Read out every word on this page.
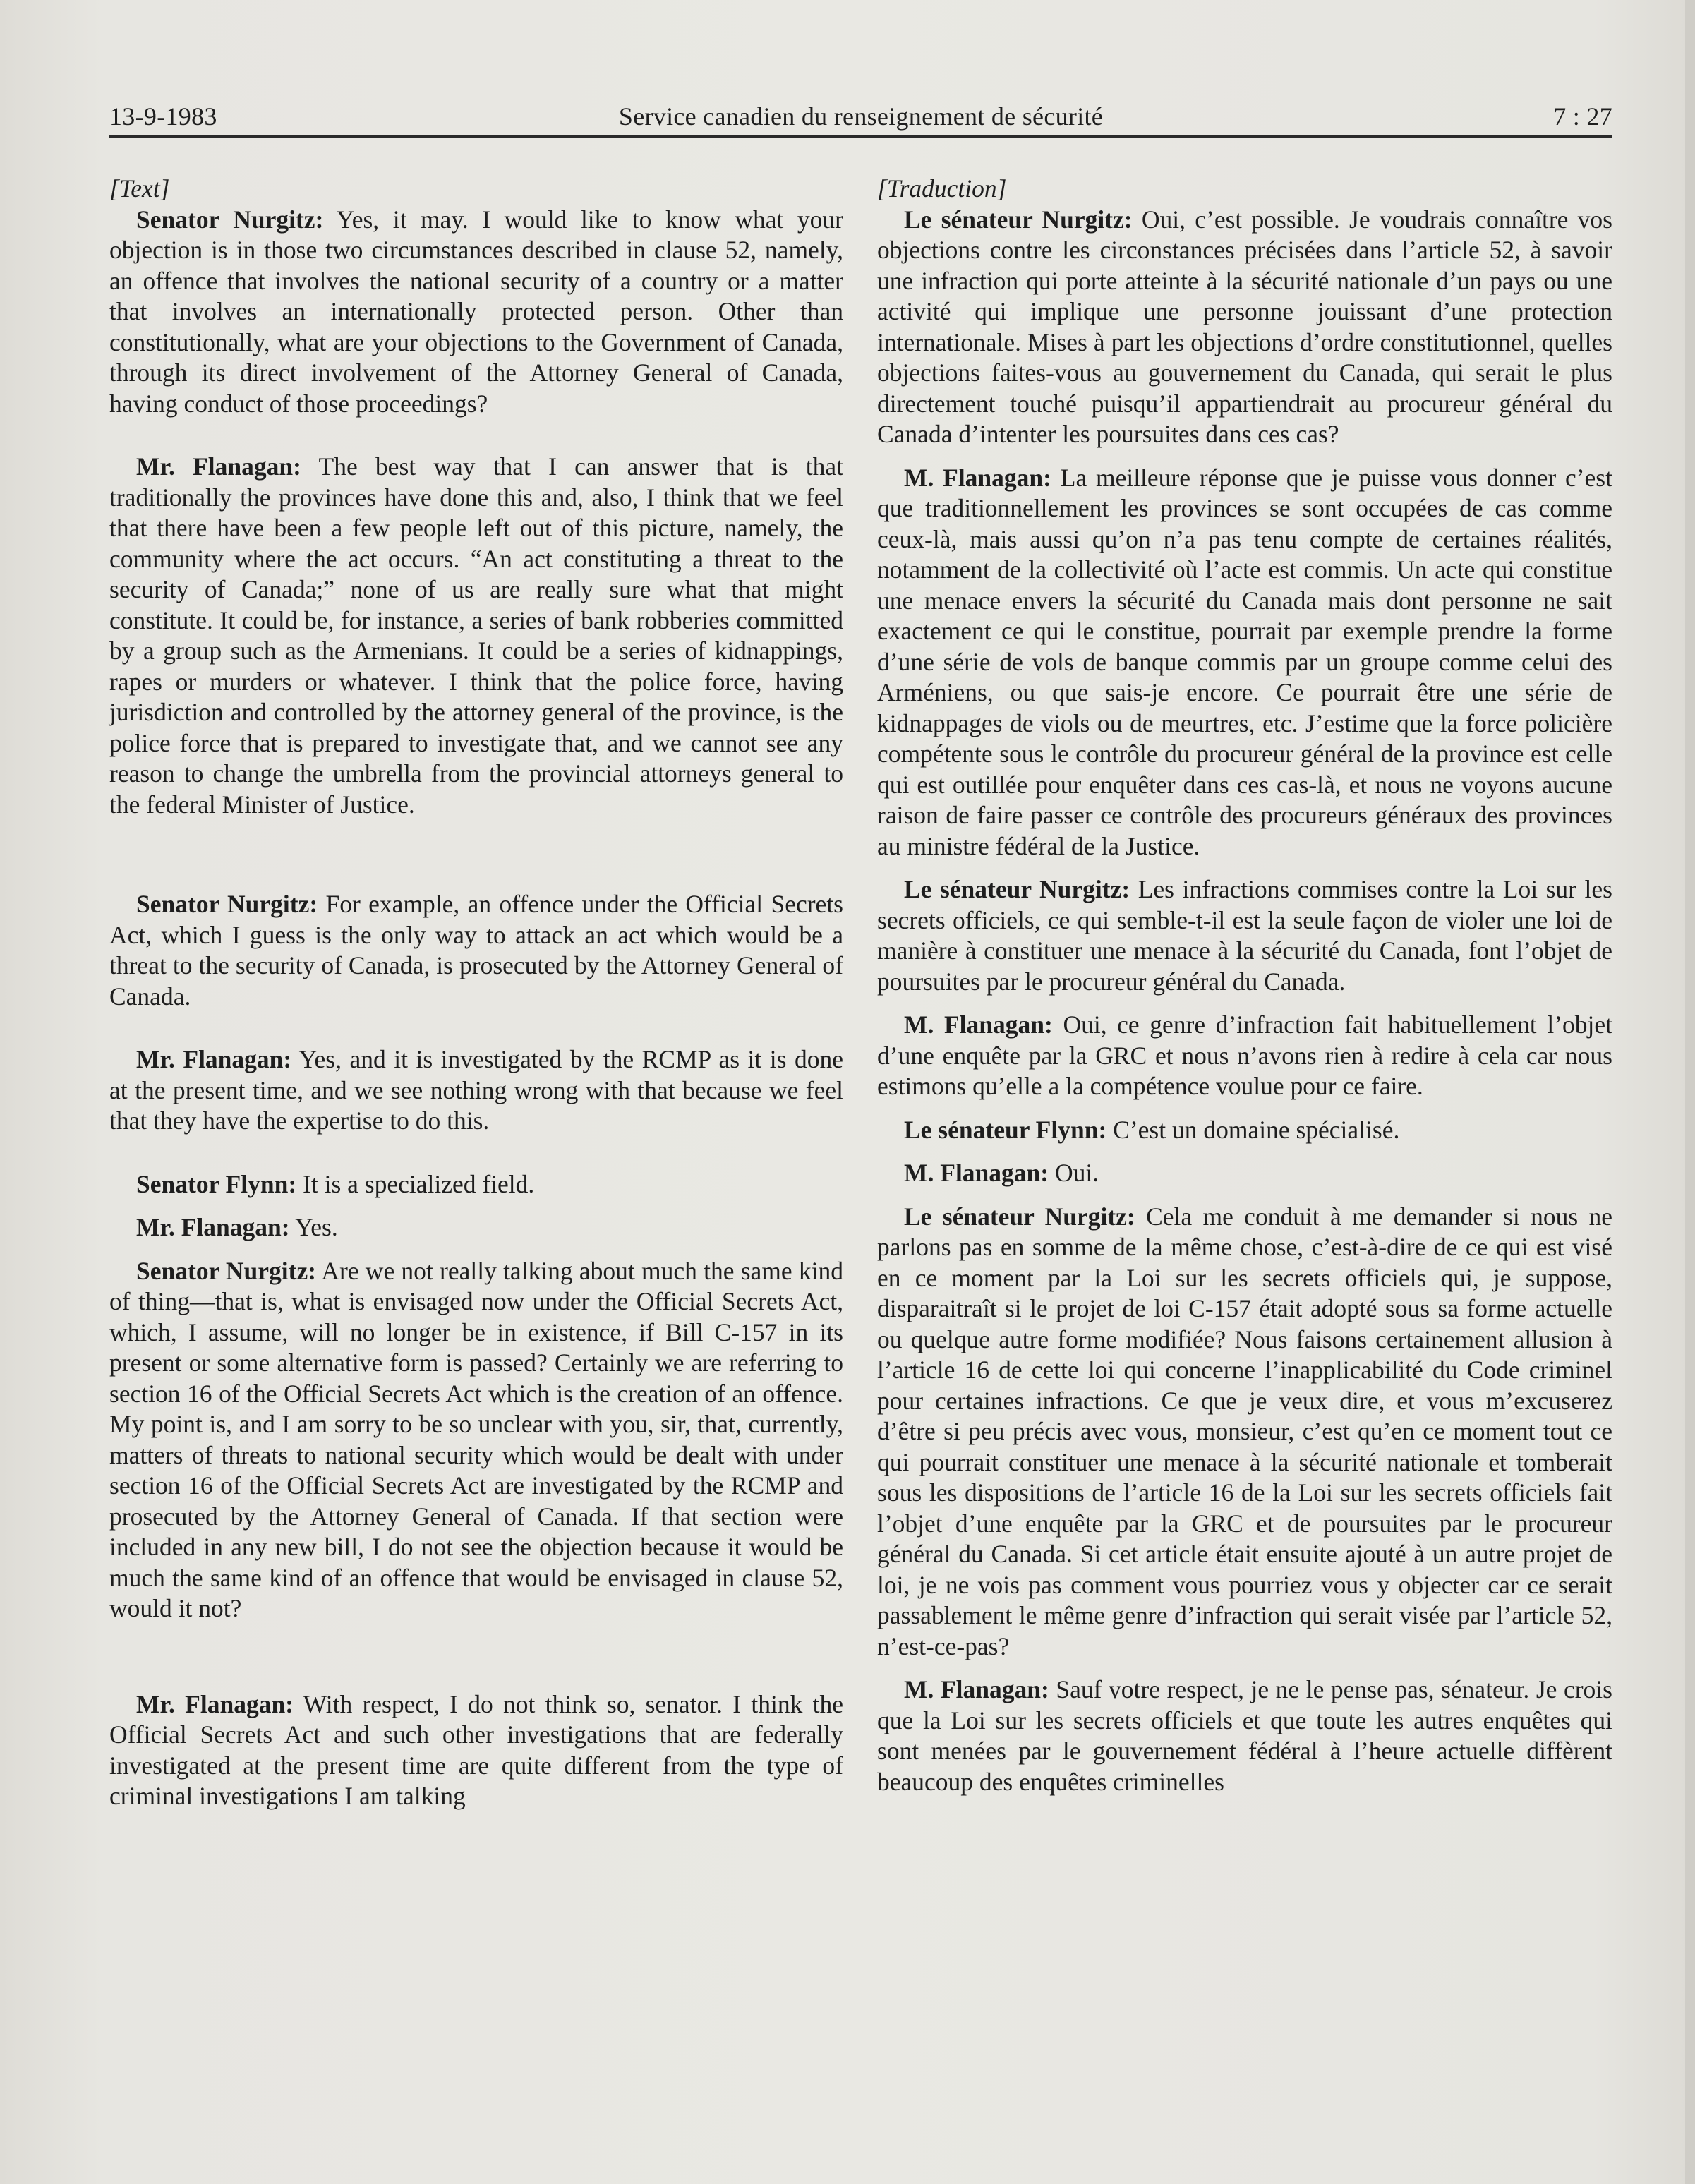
13-9-1983	Service canadien du renseignement de sécurité	7 : 27

[Text]

Senator Nurgitz: Yes, it may. I would like to know what your objection is in those two circumstances described in clause 52, namely, an offence that involves the national security of a country or a matter that involves an internationally protected person. Other than constitutionally, what are your objections to the Government of Canada, through its direct involvement of the Attorney General of Canada, having conduct of those proceedings?

Mr. Flanagan: The best way that I can answer that is that traditionally the provinces have done this and, also, I think that we feel that there have been a few people left out of this picture, namely, the community where the act occurs. “An act constituting a threat to the security of Canada;” none of us are really sure what that might constitute. It could be, for instance, a series of bank robberies committed by a group such as the Armenians. It could be a series of kidnappings, rapes or murders or whatever. I think that the police force, having jurisdiction and controlled by the attorney general of the province, is the police force that is prepared to investigate that, and we cannot see any reason to change the umbrella from the provincial attorneys general to the federal Minister of Justice.

Senator Nurgitz: For example, an offence under the Official Secrets Act, which I guess is the only way to attack an act which would be a threat to the security of Canada, is prosecuted by the Attorney General of Canada.

Mr. Flanagan: Yes, and it is investigated by the RCMP as it is done at the present time, and we see nothing wrong with that because we feel that they have the expertise to do this.

Senator Flynn: It is a specialized field.

Mr. Flanagan: Yes.

Senator Nurgitz: Are we not really talking about much the same kind of thing—that is, what is envisaged now under the Official Secrets Act, which, I assume, will no longer be in existence, if Bill C-157 in its present or some alternative form is passed? Certainly we are referring to section 16 of the Official Secrets Act which is the creation of an offence. My point is, and I am sorry to be so unclear with you, sir, that, currently, matters of threats to national security which would be dealt with under section 16 of the Official Secrets Act are investigated by the RCMP and prosecuted by the Attorney General of Canada. If that section were included in any new bill, I do not see the objection because it would be much the same kind of an offence that would be envisaged in clause 52, would it not?

Mr. Flanagan: With respect, I do not think so, senator. I think the Official Secrets Act and such other investigations that are federally investigated at the present time are quite different from the type of criminal investigations I am talking

[Traduction]

Le sénateur Nurgitz: Oui, c’est possible. Je voudrais connaître vos objections contre les circonstances précisées dans l’article 52, à savoir une infraction qui porte atteinte à la sécurité nationale d’un pays ou une activité qui implique une personne jouissant d’une protection internationale. Mises à part les objections d’ordre constitutionnel, quelles objections faites-vous au gouvernement du Canada, qui serait le plus directement touché puisqu’il appartiendrait au procureur général du Canada d’intenter les poursuites dans ces cas?

M. Flanagan: La meilleure réponse que je puisse vous donner c’est que traditionnellement les provinces se sont occupées de cas comme ceux-là, mais aussi qu’on n’a pas tenu compte de certaines réalités, notamment de la collectivité où l’acte est commis. Un acte qui constitue une menace envers la sécurité du Canada mais dont personne ne sait exactement ce qui le constitue, pourrait par exemple prendre la forme d’une série de vols de banque commis par un groupe comme celui des Arméniens, ou que sais-je encore. Ce pourrait être une série de kidnappages de viols ou de meurtres, etc. J’estime que la force policière compétente sous le contrôle du procureur général de la province est celle qui est outillée pour enquêter dans ces cas-là, et nous ne voyons aucune raison de faire passer ce contrôle des procureurs généraux des provinces au ministre fédéral de la Justice.

Le sénateur Nurgitz: Les infractions commises contre la Loi sur les secrets officiels, ce qui semble-t-il est la seule façon de violer une loi de manière à constituer une menace à la sécurité du Canada, font l’objet de poursuites par le procureur général du Canada.

M. Flanagan: Oui, ce genre d’infraction fait habituellement l’objet d’une enquête par la GRC et nous n’avons rien à redire à cela car nous estimons qu’elle a la compétence voulue pour ce faire.

Le sénateur Flynn: C’est un domaine spécialisé.

M. Flanagan: Oui.

Le sénateur Nurgitz: Cela me conduit à me demander si nous ne parlons pas en somme de la même chose, c’est-à-dire de ce qui est visé en ce moment par la Loi sur les secrets officiels qui, je suppose, disparaitraît si le projet de loi C-157 était adopté sous sa forme actuelle ou quelque autre forme modifiée? Nous faisons certainement allusion à l’article 16 de cette loi qui concerne l’inapplicabilité du Code criminel pour certaines infractions. Ce que je veux dire, et vous m’excuserez d’être si peu précis avec vous, monsieur, c’est qu’en ce moment tout ce qui pourrait constituer une menace à la sécurité nationale et tomberait sous les dispositions de l’article 16 de la Loi sur les secrets officiels fait l’objet d’une enquête par la GRC et de poursuites par le procureur général du Canada. Si cet article était ensuite ajouté à un autre projet de loi, je ne vois pas comment vous pourriez vous y objecter car ce serait passablement le même genre d’infraction qui serait visée par l’article 52, n’est-ce-pas?

M. Flanagan: Sauf votre respect, je ne le pense pas, sénateur. Je crois que la Loi sur les secrets officiels et que toute les autres enquêtes qui sont menées par le gouvernement fédéral à l’heure actuelle diffèrent beaucoup des enquêtes criminelles
